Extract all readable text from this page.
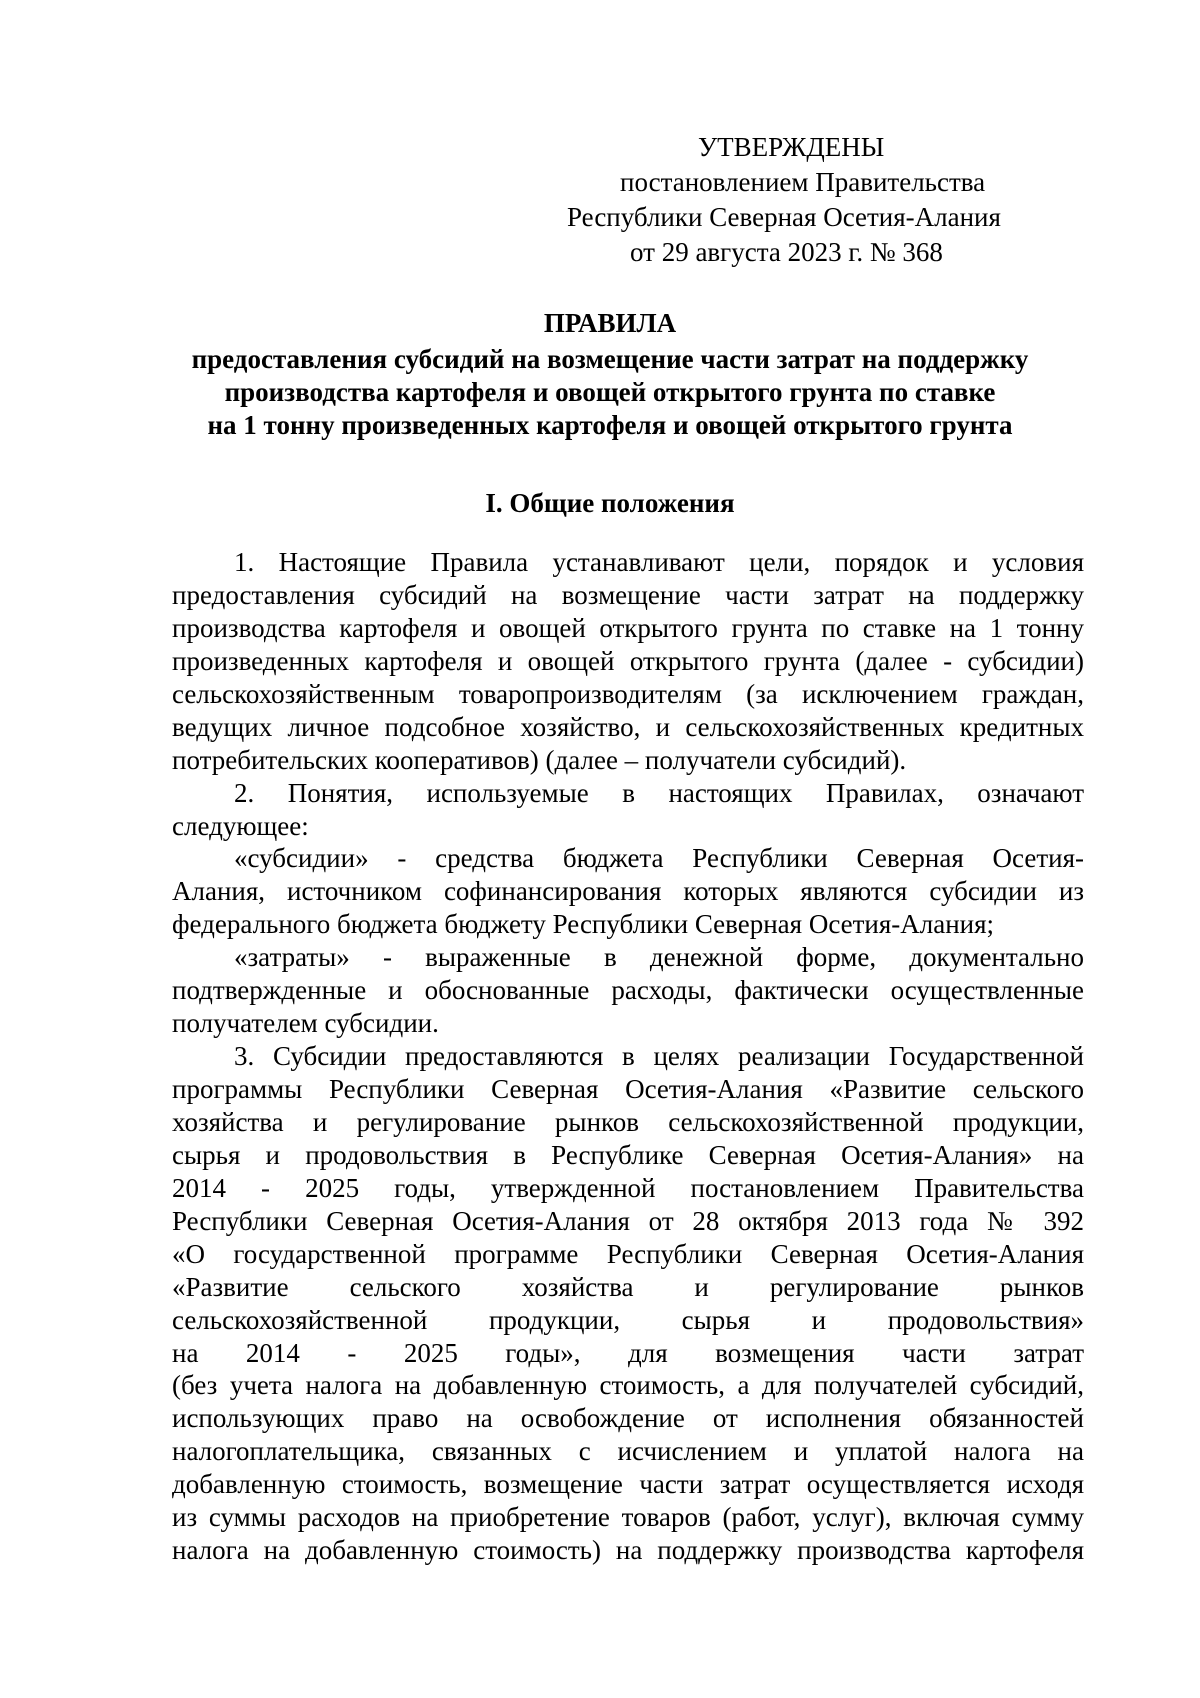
УТВЕРЖДЕНЫ
постановлением Правительства
Республики Северная Осетия-Алания
от 29 августа 2023 г. № 368
ПРАВИЛА
предоставления субсидий на возмещение части затрат на поддержку
производства картофеля и овощей открытого грунта по ставке
на 1 тонну произведенных картофеля и овощей открытого грунта
I. Общие положения
1. Настоящие Правила устанавливают цели, порядок и условия
предоставления субсидий на возмещение части затрат на поддержку
производства картофеля и овощей открытого грунта по ставке на 1 тонну
произведенных картофеля и овощей открытого грунта (далее - субсидии)
сельскохозяйственным товаропроизводителям (за исключением граждан,
ведущих личное подсобное хозяйство, и сельскохозяйственных кредитных
потребительских кооперативов) (далее – получатели субсидий).
2. Понятия, используемые в настоящих Правилах, означают
следующее:
«субсидии» - средства бюджета Республики Северная Осетия-
Алания, источником софинансирования которых являются субсидии из
федерального бюджета бюджету Республики Северная Осетия-Алания;
«затраты» - выраженные в денежной форме, документально
подтвержденные и обоснованные расходы, фактически осуществленные
получателем субсидии.
3. Субсидии предоставляются в целях реализации Государственной
программы Республики Северная Осетия-Алания «Развитие сельского
хозяйства и регулирование рынков сельскохозяйственной продукции,
сырья и продовольствия в Республике Северная Осетия-Алания» на
2014 - 2025 годы, утвержденной постановлением Правительства
Республики Северная Осетия-Алания от 28 октября 2013 года № 392
«О государственной программе Республики Северная Осетия-Алания
«Развитие сельского хозяйства и регулирование рынков
сельскохозяйственной продукции, сырья и продовольствия»
на 2014 - 2025 годы», для возмещения части затрат
(без учета налога на добавленную стоимость, а для получателей субсидий,
использующих право на освобождение от исполнения обязанностей
налогоплательщика, связанных с исчислением и уплатой налога на
добавленную стоимость, возмещение части затрат осуществляется исходя
из суммы расходов на приобретение товаров (работ, услуг), включая сумму
налога на добавленную стоимость) на поддержку производства картофеля
